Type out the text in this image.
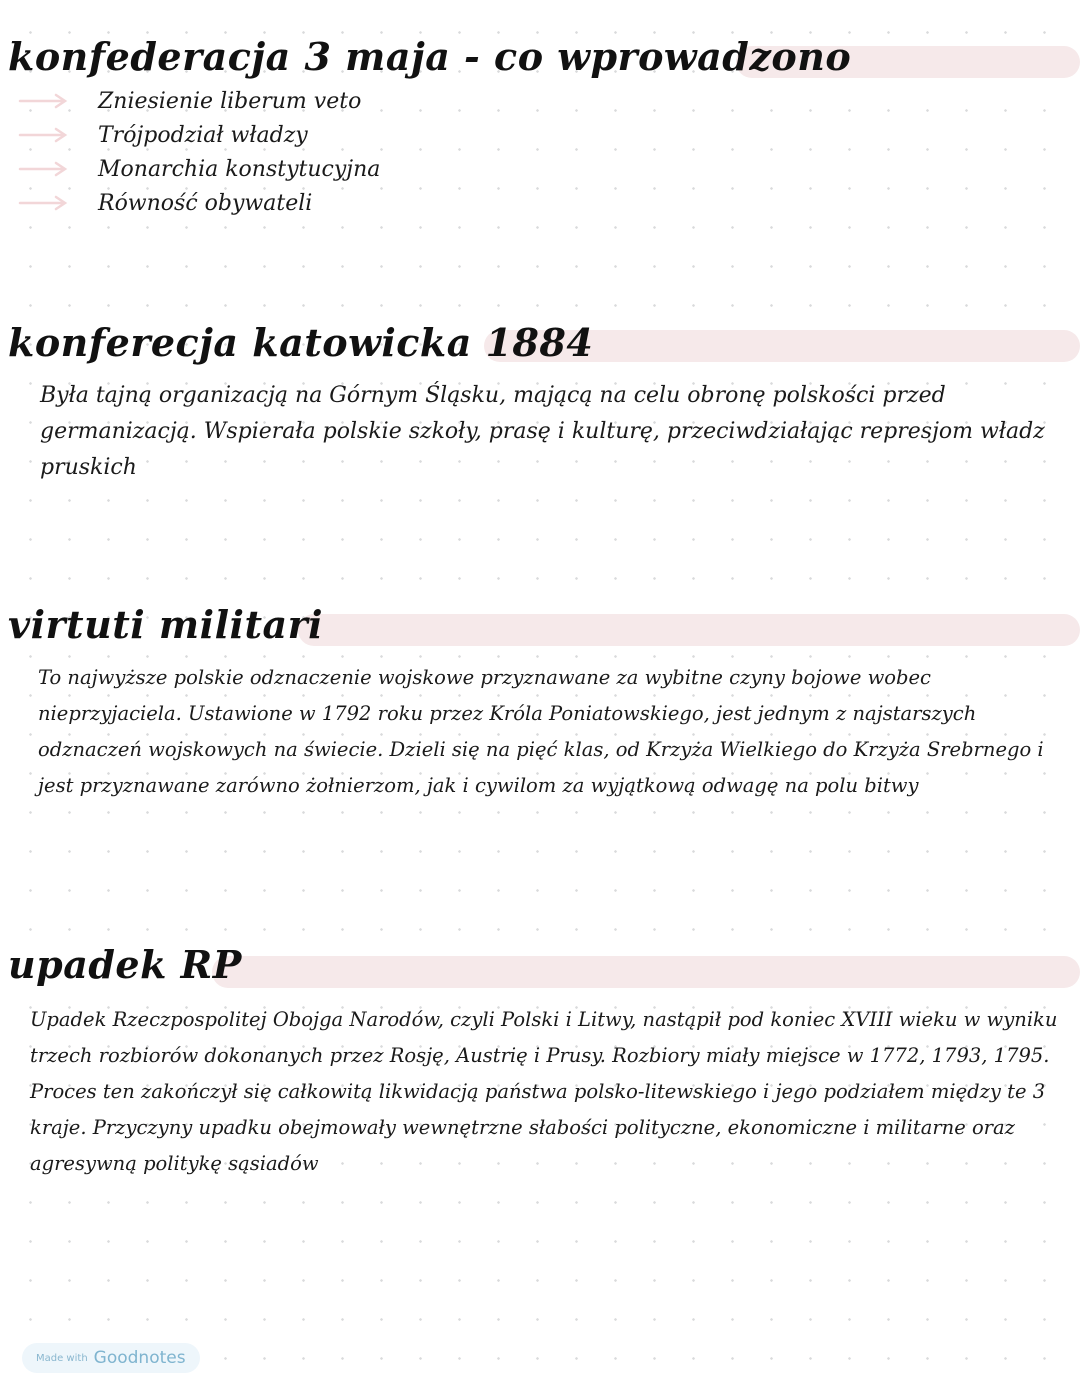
konfederacja 3 maja - co wprowadzono
Zniesienie liberum veto
Trójpodział władzy
Monarchia konstytucyjna
Równość obywateli
konferecja katowicka 1884

Była tajną organizacją na Górnym Śląsku, mającą na celu obronę polskości przed germanizacją. Wspierała polskie szkoły, prasę i kulturę, przeciwdziałając represjom władz pruskich

virtuti militari

To najwyższe polskie odznaczenie wojskowe przyznawane za wybitne czyny bojowe wobec nieprzyjaciela. Ustawione w 1792 roku przez Króla Poniatowskiego, jest jednym z najstarszych odznaczeń wojskowych na świecie. Dzieli się na pięć klas, od Krzyża Wielkiego do Krzyża Srebrnego i jest przyznawane zarówno żołnierzom, jak i cywilom za wyjątkową odwagę na polu bitwy

upadek RP

Upadek Rzeczpospolitej Obojga Narodów, czyli Polski i Litwy, nastąpił pod koniec XVIII wieku w wyniku trzech rozbiorów dokonanych przez Rosję, Austrię i Prusy. Rozbiory miały miejsce w 1772, 1793, 1795. Proces ten zakończył się całkowitą likwidacją państwa polsko-litewskiego i jego podziałem między te 3 kraje. Przyczyny upadku obejmowały wewnętrzne słabości polityczne, ekonomiczne i militarne oraz agresywną politykę sąsiadów

Made with Goodnotes
